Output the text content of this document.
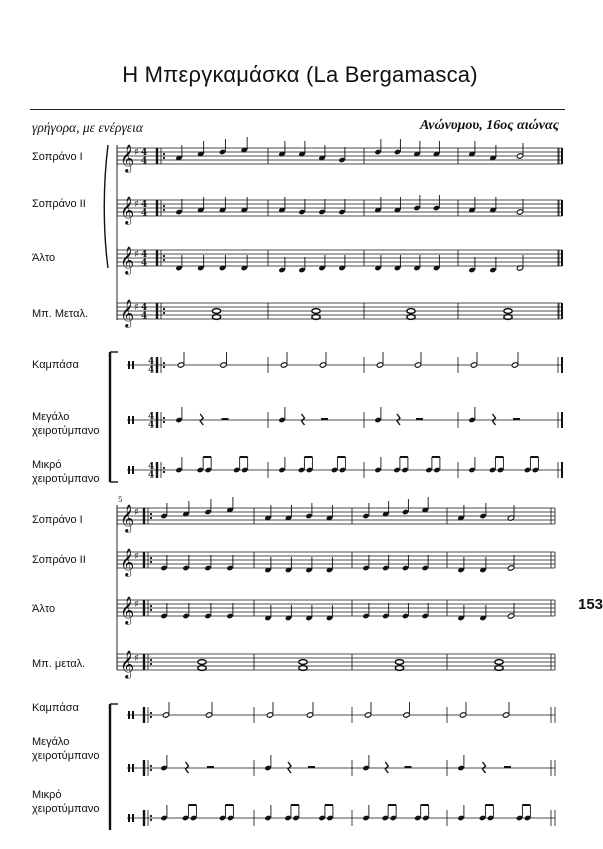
Η Μπεργκαμάσκα (La Bergamasca)
γρήγορα, με ενέργεια	Ανώνυμου, 16ος αιώνας
Σοπράνο Ι
Σοπράνο ΙΙ
Άλτο
Μπ. Μεταλ.
Καμπάσα
Μεγάλο χειροτύμπανο
Μικρό χειροτύμπανο
Σοπράνο Ι
Σοπράνο ΙΙ
Άλτο
Μπ. μεταλ.
Καμπάσα
Μεγάλο χειροτύμπανο
Μικρό χειροτύμπανο
153
𝄞 ♯ 4
4
𝄞 ♯ 4
4
𝄞 ♯ 4
4
𝄞 ♯ 4
4
4
4
4
4
4
4
5
𝄞 ♯
𝄞 ♯
𝄞 ♯
𝄞 ♯
